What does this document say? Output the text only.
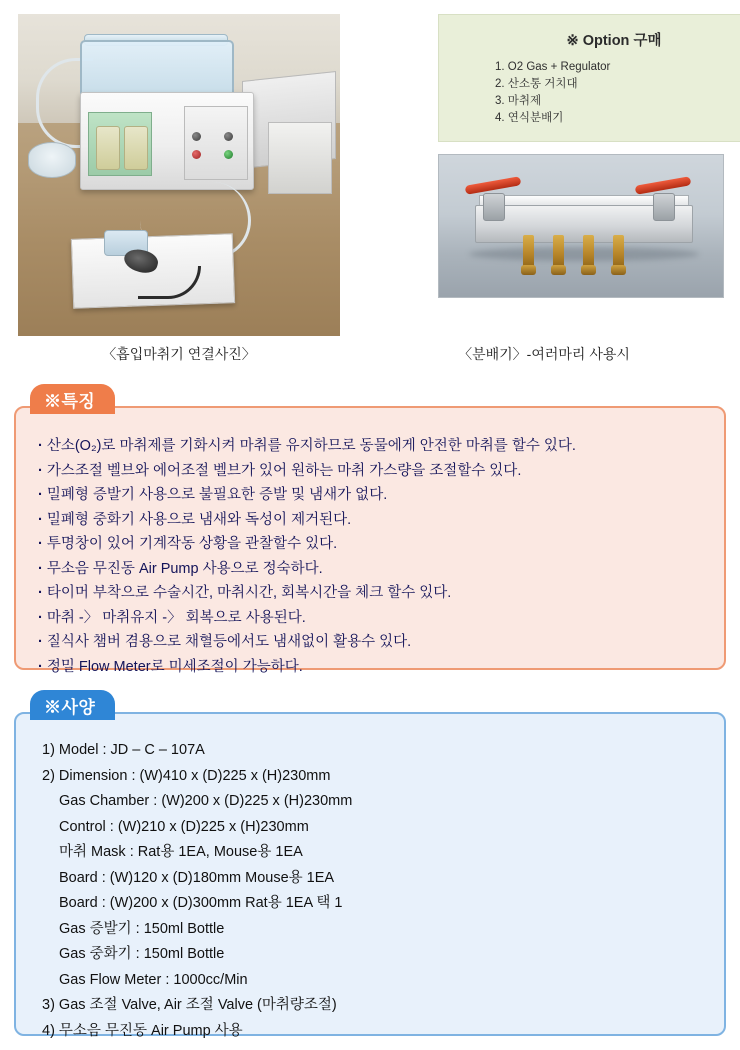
※ Option 구매
1. O2 Gas + Regulator
2. 산소통 거치대
3. 마취제
4. 연식분배기
〈흡입마취기 연결사진〉	〈분배기〉-여러마리 사용시
※특징
· 산소(O₂)로 마취제를 기화시켜 마취를 유지하므로 동물에게 안전한 마취를 할수 있다.
· 가스조절 벨브와 에어조절 벨브가 있어 원하는 마취 가스량을 조절할수 있다.
· 밀폐형 증발기 사용으로 불필요한 증발 및 냄새가 없다.
· 밀폐형 중화기 사용으로 냄새와 독성이 제거된다.
· 투명창이 있어 기계작동 상황을 관찰할수 있다.
· 무소음 무진동 Air Pump 사용으로 정숙하다.
· 타이머 부착으로 수술시간, 마취시간, 회복시간을 체크 할수 있다.
· 마취 -〉 마취유지 -〉 회복으로 사용된다.
· 질식사 챔버 겸용으로 채혈등에서도 냄새없이 활용수 있다.
· 정밀 Flow Meter로 미세조절이 가능하다.
※사양
1) Model : JD – C – 107A
2) Dimension : (W)410 x (D)225 x (H)230mm
Gas Chamber : (W)200 x (D)225 x (H)230mm
Control : (W)210 x (D)225 x (H)230mm
마취 Mask : Rat용 1EA, Mouse용 1EA
Board : (W)120 x (D)180mm Mouse용 1EA
Board : (W)200 x (D)300mm Rat용 1EA 택 1
Gas 증발기 : 150ml Bottle
Gas 중화기 : 150ml Bottle
Gas Flow Meter : 1000cc/Min
3) Gas 조절 Valve, Air 조절 Valve (마취량조절)
4) 무소음 무진동 Air Pump 사용
